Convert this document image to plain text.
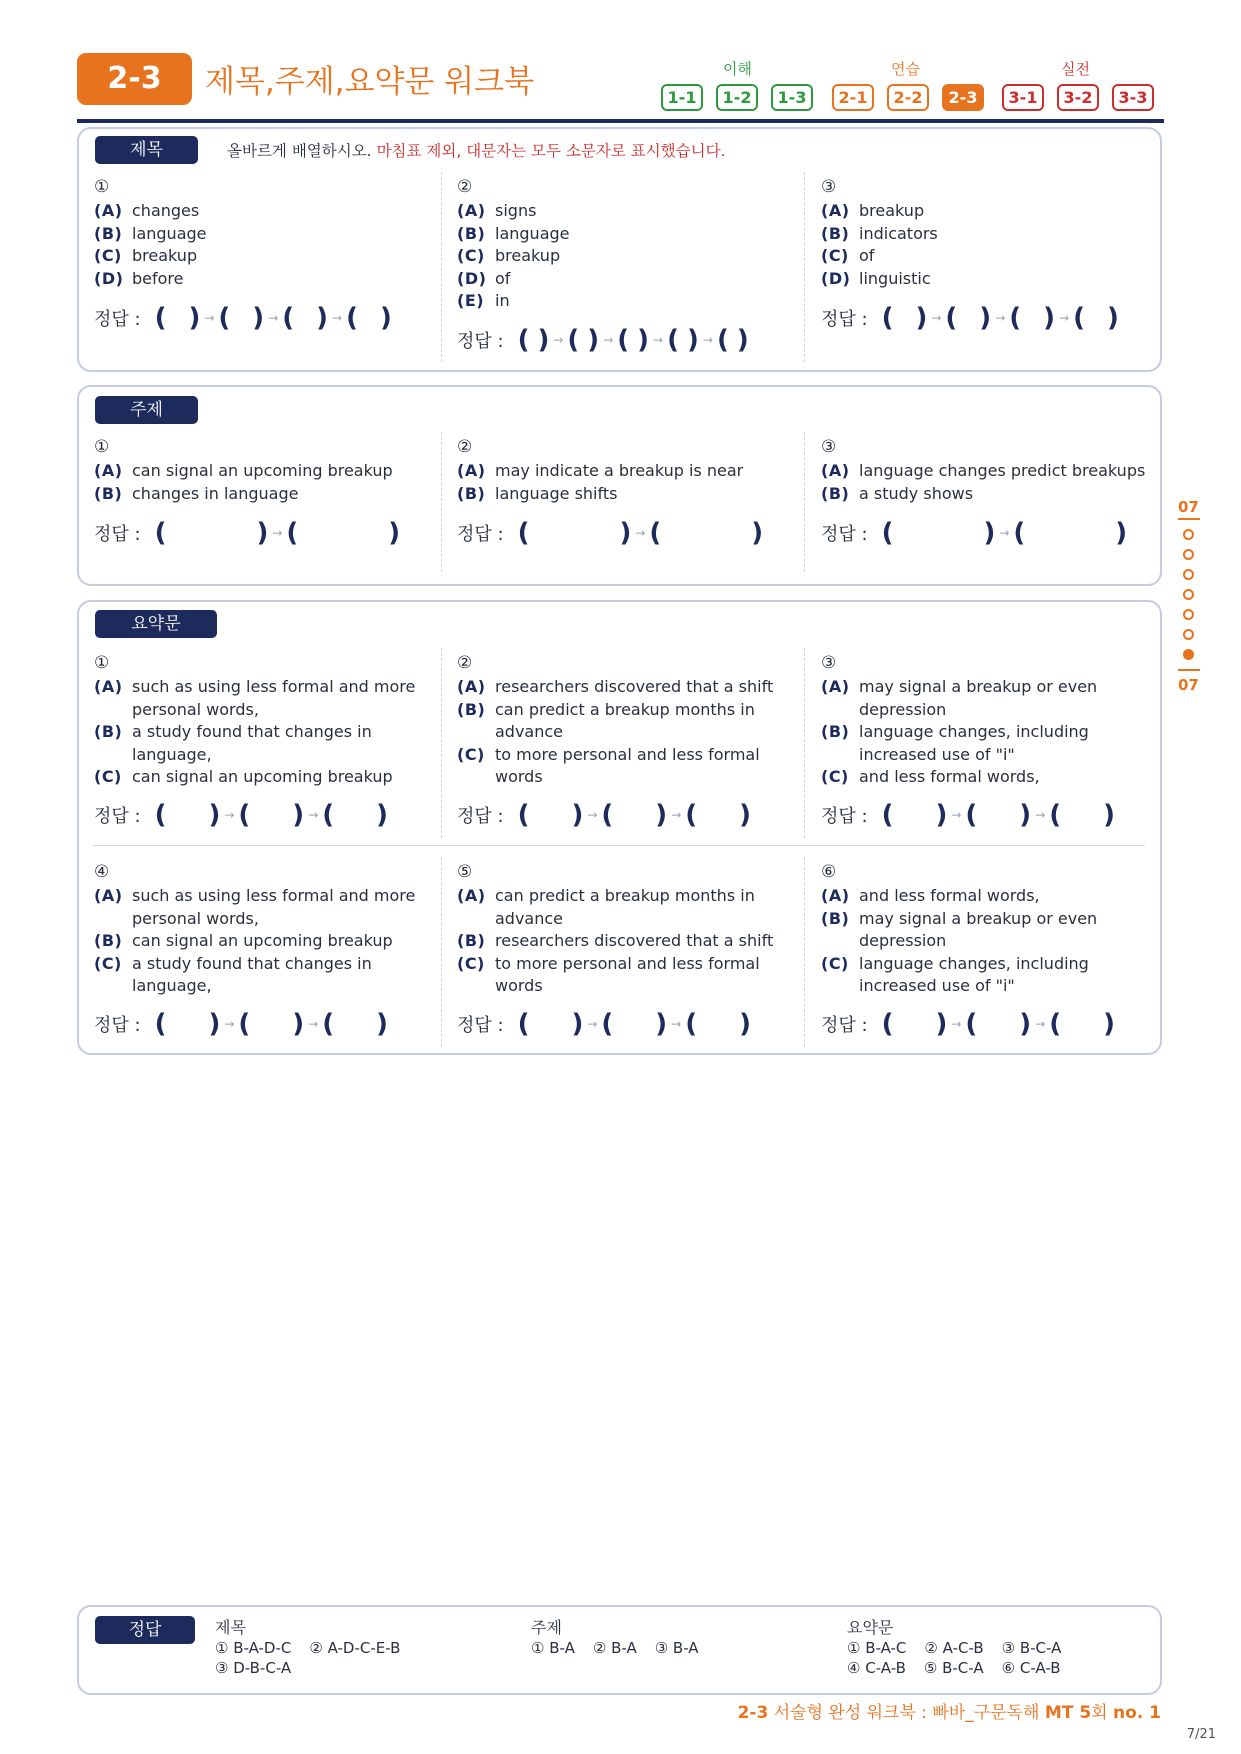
2-3	제목,주제,요약문 워크북	이해	연습	실전
1-1	1-2	1-3	2-1	2-2	2-3	3-1	3-2	3-3
제목	올바르게 배열하시오. 마침표 제외, 대문자는 모두 소문자로 표시했습니다.
①
(A) changes
(B) language
(C) breakup
(D) before
정답 : ( ) → ( ) → ( ) → ( )
②
(A) signs
(B) language
(C) breakup
(D) of
(E) in
정답 : ( ) → ( ) → ( ) → ( ) → ( )
③
(A) breakup
(B) indicators
(C) of
(D) linguistic
정답 : ( ) → ( ) → ( ) → ( )
주제
①
(A) can signal an upcoming breakup
(B) changes in language
②
(A) may indicate a breakup is near
(B) language shifts
③
(A) language changes predict breakups
(B) a study shows
정답 : (	) → (	)	정답 : (	) → (	)	정답 : (	) → (	)
요약문
①
(A) such as using less formal and more personal words,
(B) a study found that changes in language,
(C) can signal an upcoming breakup
②
(A) researchers discovered that a shift
(B) can predict a breakup months in advance
(C) to more personal and less formal words
③
(A) may signal a breakup or even depression
(B) language changes, including increased use of "i"
(C) and less formal words,
정답 : ( ) → ( ) → ( )	정답 : ( ) → ( ) → ( )	정답 : ( ) → ( ) → ( )
④
(A) such as using less formal and more personal words,
(B) can signal an upcoming breakup
(C) a study found that changes in language,
⑤
(A) can predict a breakup months in advance
(B) researchers discovered that a shift
(C) to more personal and less formal words
⑥
(A) and less formal words,
(B) may signal a breakup or even depression
(C) language changes, including increased use of "i"
정답 : ( ) → ( ) → ( )	정답 : ( ) → ( ) → ( )	정답 : ( ) → ( ) → ( )
07
07
정답	제목
① B-A-D-C ② A-D-C-E-B
③ D-B-C-A
주제
① B-A ② B-A ③ B-A
요약문
① B-A-C ② A-C-B ③ B-C-A
④ C-A-B ⑤ B-C-A ⑥ C-A-B
2-3 서술형 완성 워크북 : 빠바_구문독해 MT 5회 no. 1
7/21
